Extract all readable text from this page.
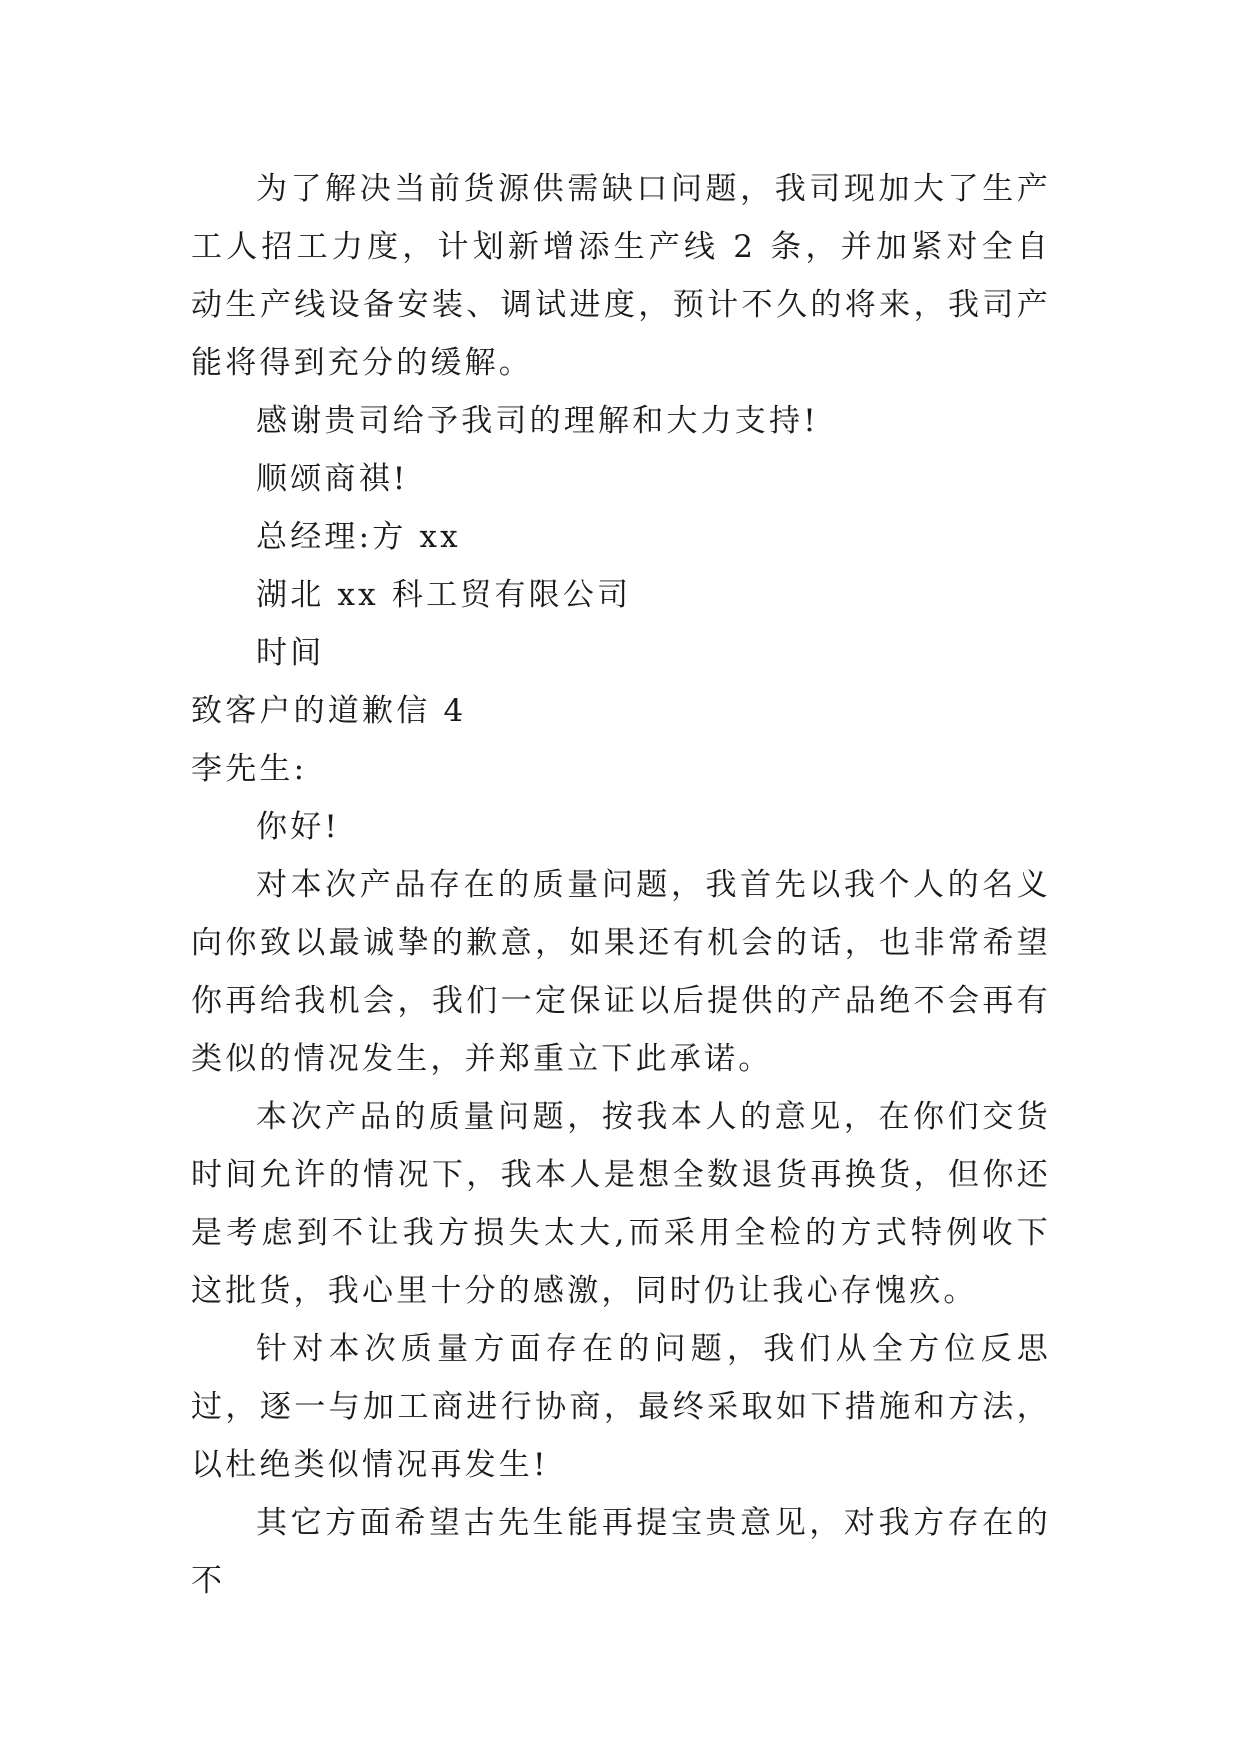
为了解决当前货源供需缺口问题，我司现加大了生产工人招工力度，计划新增添生产线 2 条，并加紧对全自动生产线设备安装、调试进度，预计不久的将来，我司产能将得到充分的缓解。

感谢贵司给予我司的理解和大力支持!

顺颂商祺!

总经理:方 xx

湖北 xx 科工贸有限公司

时间

致客户的道歉信 4

李先生:

你好!

对本次产品存在的质量问题，我首先以我个人的名义向你致以最诚挚的歉意，如果还有机会的话，也非常希望你再给我机会，我们一定保证以后提供的产品绝不会再有类似的情况发生，并郑重立下此承诺。

本次产品的质量问题，按我本人的意见，在你们交货时间允许的情况下，我本人是想全数退货再换货，但你还是考虑到不让我方损失太大,而采用全检的方式特例收下这批货，我心里十分的感激，同时仍让我心存愧疚。

针对本次质量方面存在的问题，我们从全方位反思过，逐一与加工商进行协商，最终采取如下措施和方法，以杜绝类似情况再发生!

其它方面希望古先生能再提宝贵意见，对我方存在的不
